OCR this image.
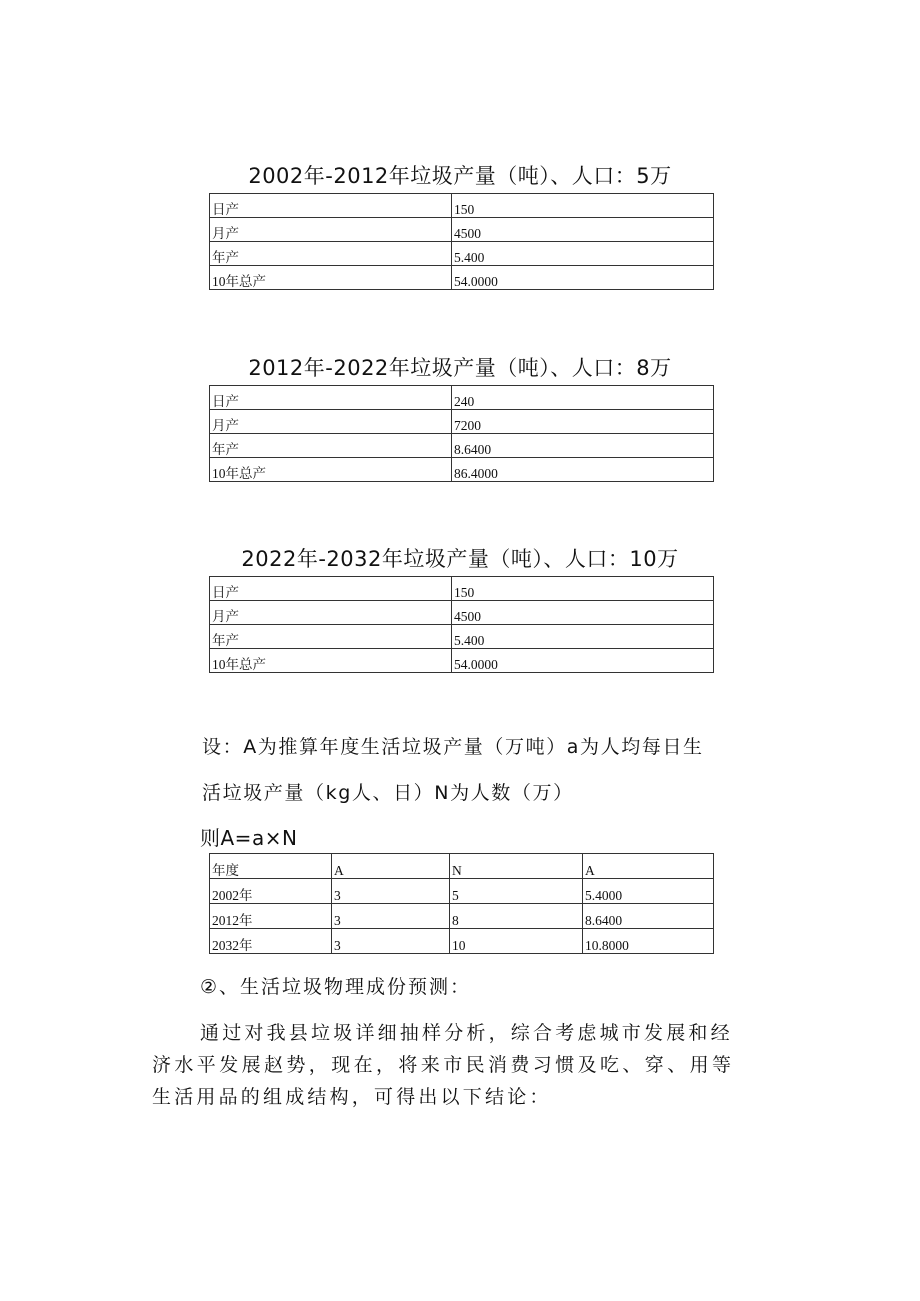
2002年-2012年垃圾产量（吨）、人口：5万
日产	150
月产	4500
年产	5.400
10年总产	54.0000
2012年-2022年垃圾产量（吨）、人口：8万
日产	240
月产	7200
年产	8.6400
10年总产	86.4000
2022年-2032年垃圾产量（吨）、人口：10万
日产	150
月产	4500
年产	5.400
10年总产	54.0000
设：A为推算年度生活垃圾产量（万吨）a为人均每日生
活垃圾产量（kg人、日）N为人数（万）
则A=a×N
年度	A	N	A
2002年	3	5	5.4000
2012年	3	8	8.6400
2032年	3	10	10.8000
②、生活垃圾物理成份预测：
通过对我县垃圾详细抽样分析，综合考虑城市发展和经
济水平发展赵势，现在，将来市民消费习惯及吃、穿、用等
生活用品的组成结构，可得出以下结论：
